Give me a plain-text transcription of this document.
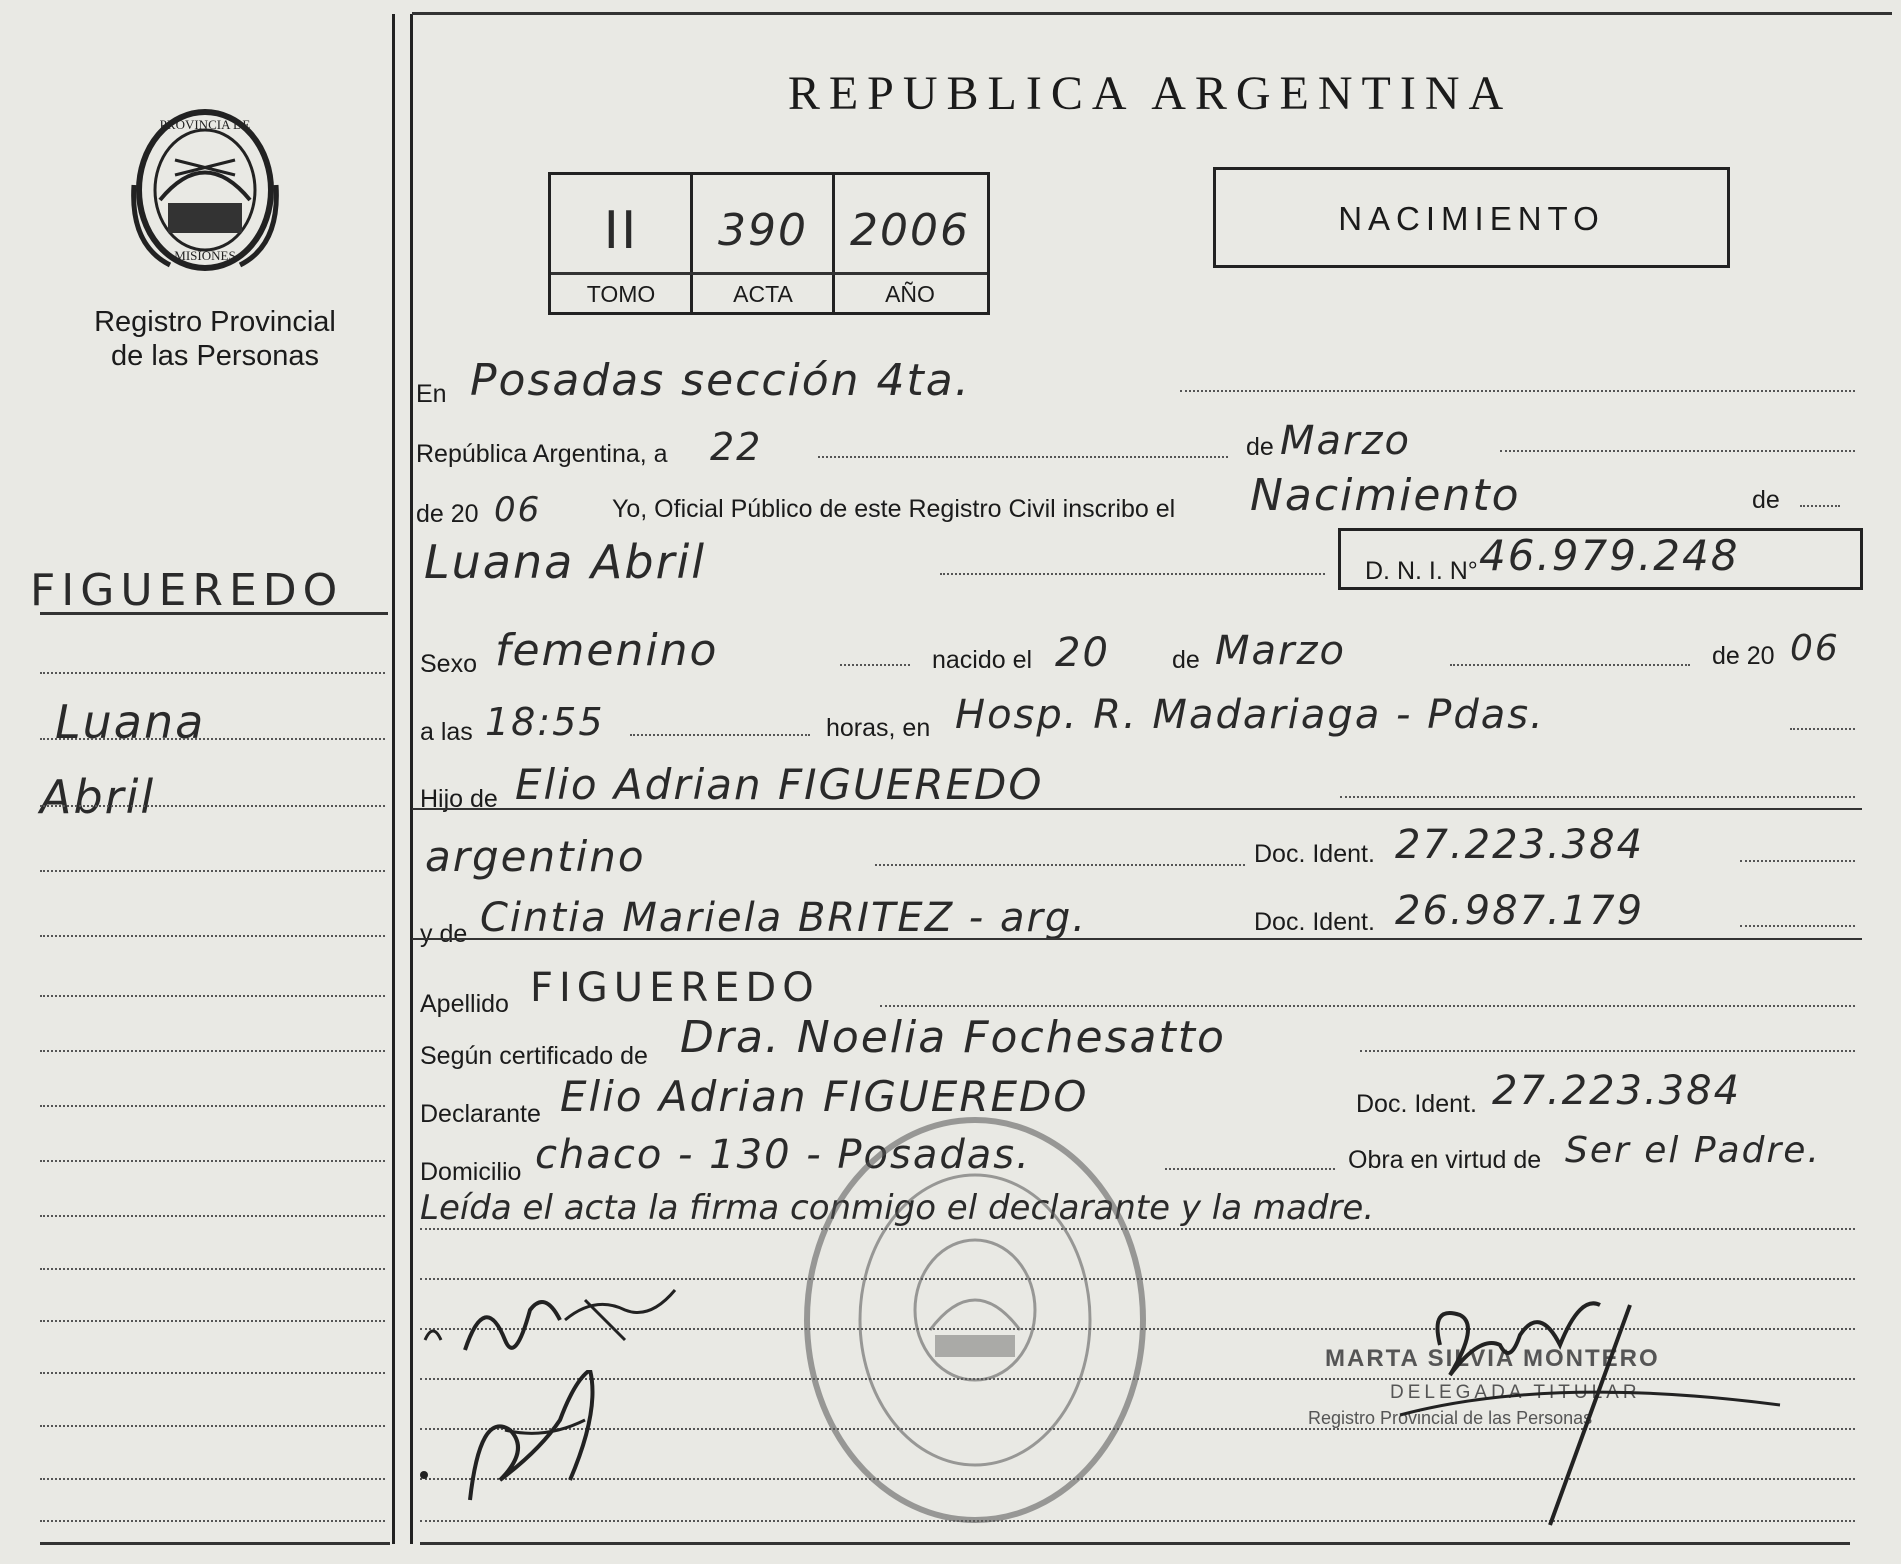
PROVINCIA DE
MISIONES
Registro Provincial
de las Personas
FIGUEREDO
Luana
Abril
REPUBLICA ARGENTINA
II	390 2006
TOMO	ACTA	AÑO
NACIMIENTO
En Posadas sección 4ta.
República Argentina, a 22	de Marzo
de 20 06	Yo, Oficial Público de este Registro Civil inscribo el Nacimiento	de
Luana Abril	D. N. I. N° 46.979.248
Sexo femenino	nacido el 20 de Marzo	de 20 06
a las 18:55	horas, en Hosp. R. Madariaga - Pdas.
Hijo de Elio Adrian FIGUEREDO
argentino	Doc. Ident. 27.223.384
y de Cintia Mariela BRITEZ - arg.	Doc. Ident. 26.987.179
Apellido FIGUEREDO
Según certificado de Dra. Noelia Fochesatto
Declarante Elio Adrian FIGUEREDO	Doc. Ident. 27.223.384
Domicilio chaco - 130 - Posadas.	Obra en virtud de Ser el Padre.
Leída el acta la firma conmigo el declarante y la madre.
MARTA SILVIA MONTERO
DELEGADA TITULAR
Registro Provincial de las Personas
